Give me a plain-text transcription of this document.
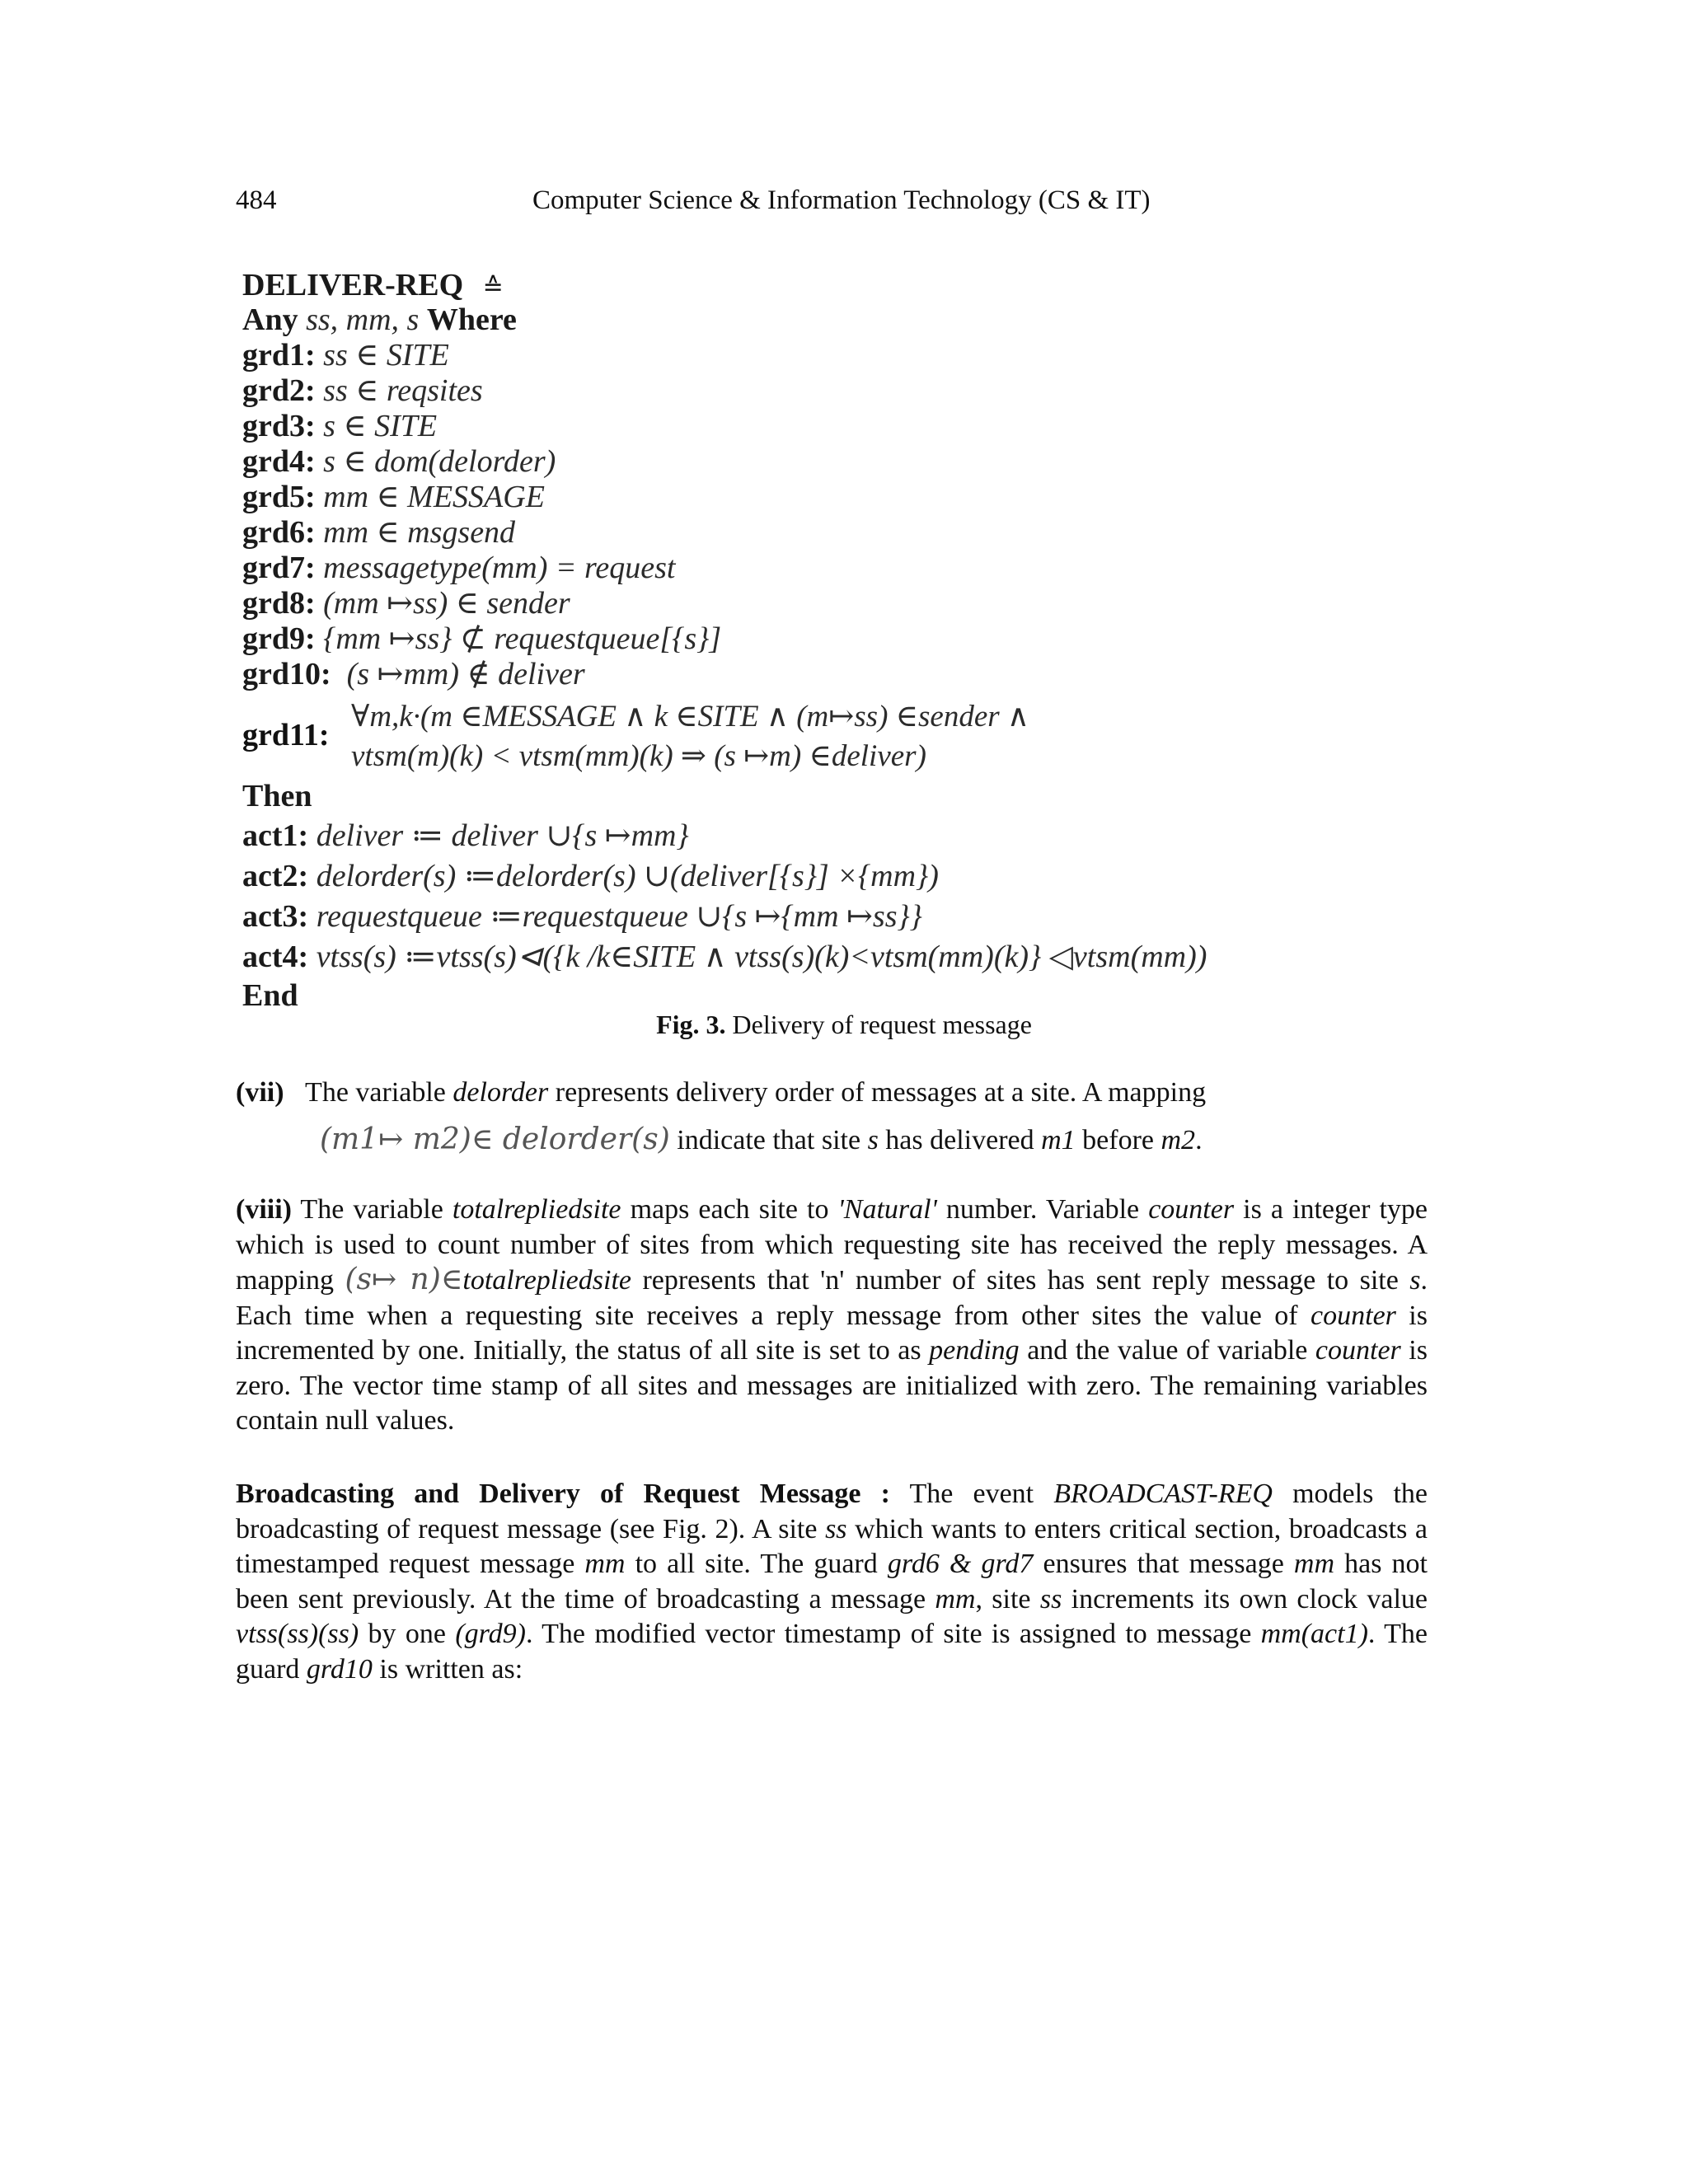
484	Computer Science & Information Technology (CS & IT)
DELIVER-REQ ≙
Any ss, mm, s Where
grd1: ss ∈ SITE
grd2: ss ∈ reqsites
grd3: s ∈ SITE
grd4: s ∈ dom(delorder)
grd5: mm ∈ MESSAGE
grd6: mm ∈ msgsend
grd7: messagetype(mm) = request
grd8: (mm ↦ss) ∈ sender
grd9: {mm ↦ss} ⊄ requestqueue[{s}]
grd10: (s ↦mm) ∉ deliver
grd11:
∀m,k·(m ∈MESSAGE ∧ k ∈SITE ∧ (m↦ss) ∈sender ∧
vtsm(m)(k) < vtsm(mm)(k) ⇒ (s ↦m) ∈deliver)
Then
act1: deliver ≔ deliver ∪{s ↦mm}
act2: delorder(s) ≔delorder(s) ∪(deliver[{s}] ×{mm})
act3: requestqueue ≔requestqueue ∪{s ↦{mm ↦ss}}
act4: vtss(s) ≔vtss(s)⊲({k /k∈SITE ∧ vtss(s)(k)<vtsm(mm)(k)} ◁vtsm(mm))
End
Fig. 3. Delivery of request message
(vii) The variable delorder represents delivery order of messages at a site. A mapping
(m1↦ m2)∈ delorder(s) indicate that site s has delivered m1 before m2.
(viii) The variable totalrepliedsite maps each site to 'Natural' number. Variable counter is a integer type which is used to count number of sites from which requesting site has received the reply messages. A mapping (s↦ n)∈totalrepliedsite represents that 'n' number of sites has sent reply message to site s. Each time when a requesting site receives a reply message from other sites the value of counter is incremented by one. Initially, the status of all site is set to as pending and the value of variable counter is zero. The vector time stamp of all sites and messages are initialized with zero. The remaining variables contain null values.
Broadcasting and Delivery of Request Message : The event BROADCAST-REQ models the broadcasting of request message (see Fig. 2). A site ss which wants to enters critical section, broadcasts a timestamped request message mm to all site. The guard grd6 & grd7 ensures that message mm has not been sent previously. At the time of broadcasting a message mm, site ss increments its own clock value vtss(ss)(ss) by one (grd9). The modified vector timestamp of site is assigned to message mm(act1). The guard grd10 is written as:
